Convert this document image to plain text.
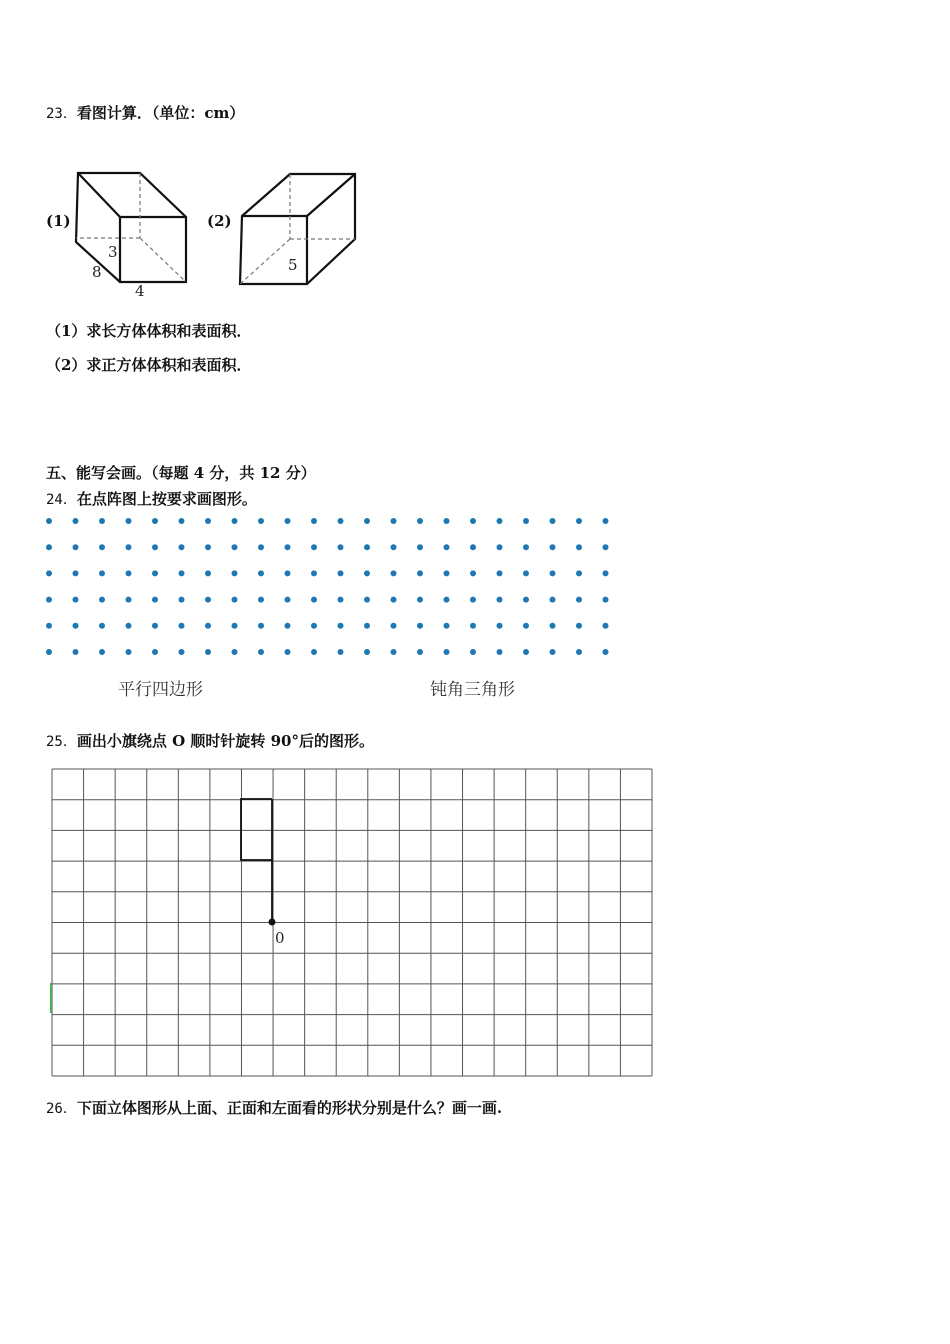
23．看图计算．（单位：cm）
(1)	(2)
3
8
4
5
（1）求长方体体积和表面积．
（2）求正方体体积和表面积．
五、能写会画。（每题 4 分，共 12 分）
24．在点阵图上按要求画图形。
平行四边形	钝角三角形
25．画出小旗绕点 O 顺时针旋转 90°后的图形。
0
26．下面立体图形从上面、正面和左面看的形状分别是什么？画一画.
